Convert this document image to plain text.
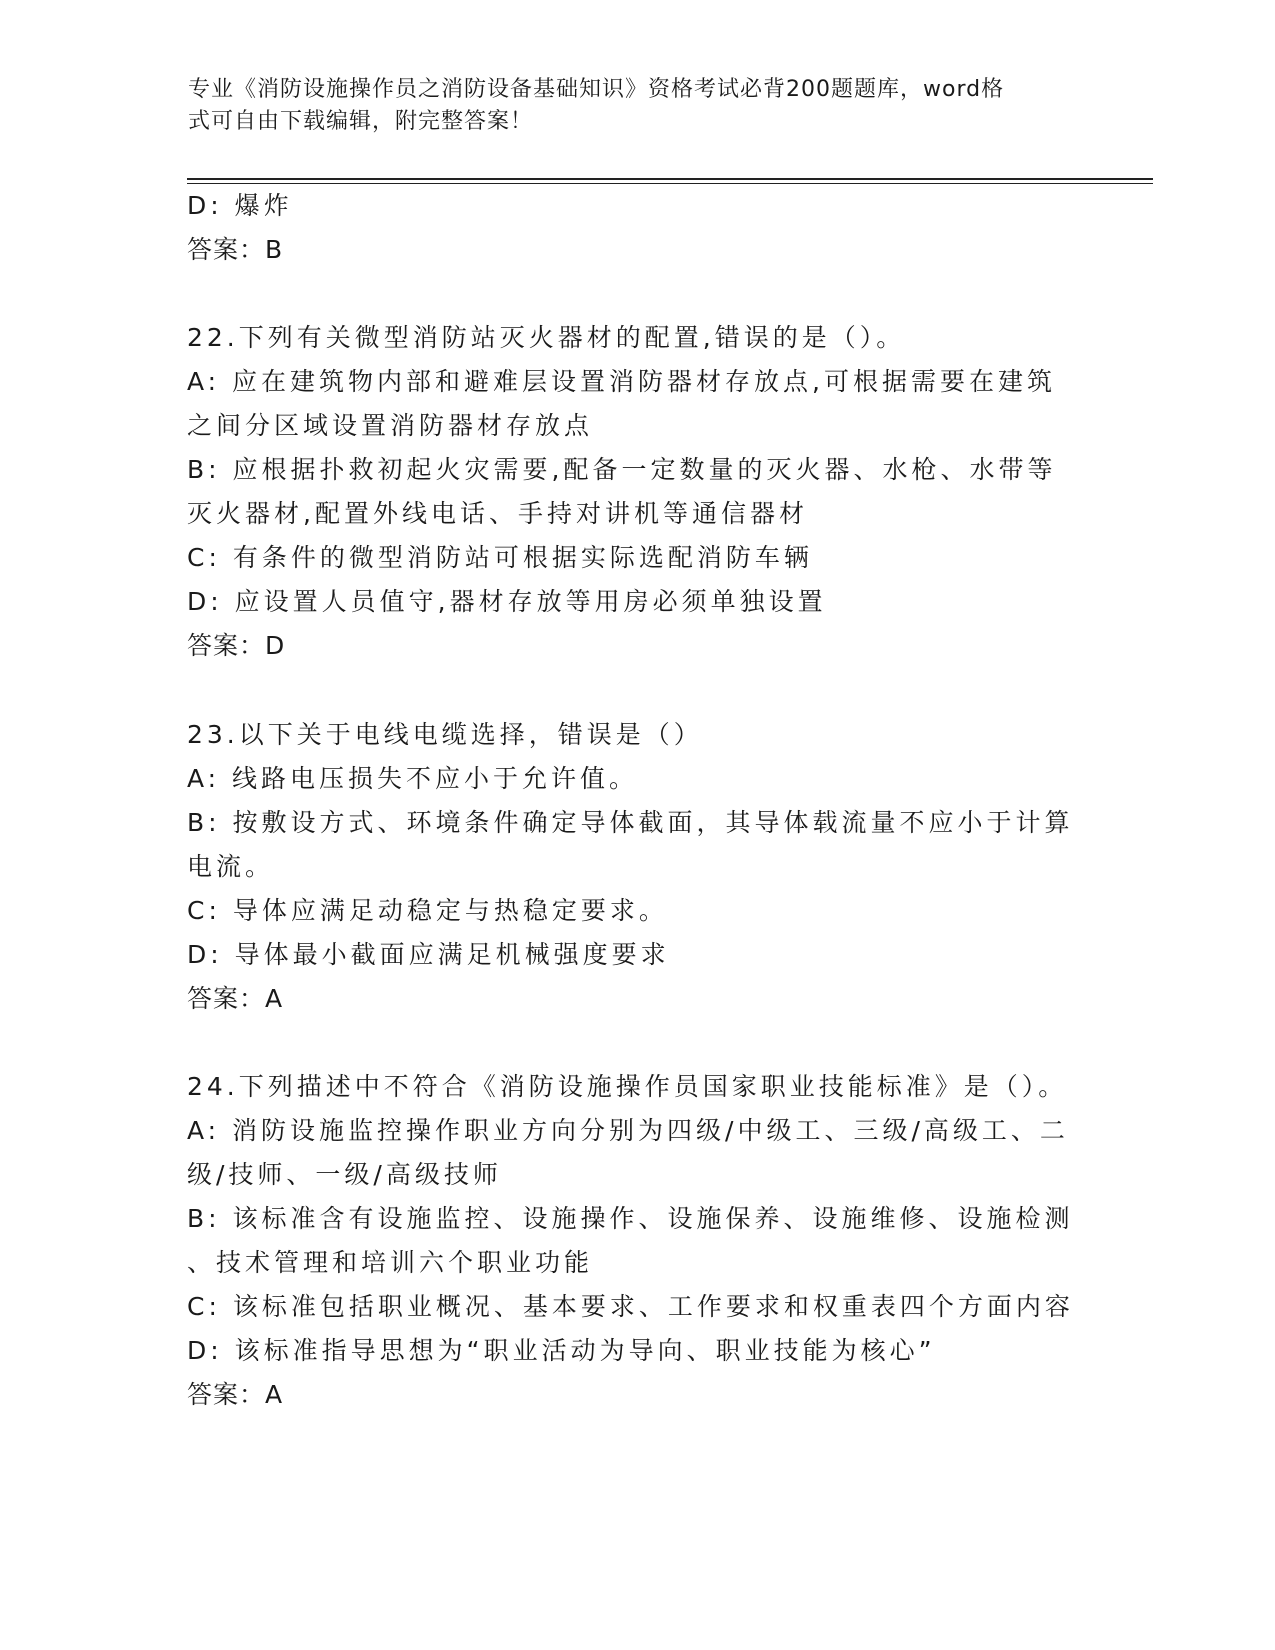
专业《消防设施操作员之消防设备基础知识》资格考试必背200题题库，word格
式可自由下载编辑，附完整答案！
D: 爆炸
答案：B
22.下列有关微型消防站灭火器材的配置,错误的是（）。
A: 应在建筑物内部和避难层设置消防器材存放点,可根据需要在建筑
之间分区域设置消防器材存放点
B: 应根据扑救初起火灾需要,配备一定数量的灭火器、水枪、水带等
灭火器材,配置外线电话、手持对讲机等通信器材
C: 有条件的微型消防站可根据实际选配消防车辆
D: 应设置人员值守,器材存放等用房必须单独设置
答案：D
23.以下关于电线电缆选择，错误是（）
A: 线路电压损失不应小于允许值。
B: 按敷设方式、环境条件确定导体截面，其导体载流量不应小于计算
电流。
C: 导体应满足动稳定与热稳定要求。
D: 导体最小截面应满足机械强度要求
答案：A
24.下列描述中不符合《消防设施操作员国家职业技能标准》是（）。
A: 消防设施监控操作职业方向分别为四级/中级工、三级/高级工、二
级/技师、一级/高级技师
B: 该标准含有设施监控、设施操作、设施保养、设施维修、设施检测
、技术管理和培训六个职业功能
C: 该标准包括职业概况、基本要求、工作要求和权重表四个方面内容
D: 该标准指导思想为“职业活动为导向、职业技能为核心”
答案：A
